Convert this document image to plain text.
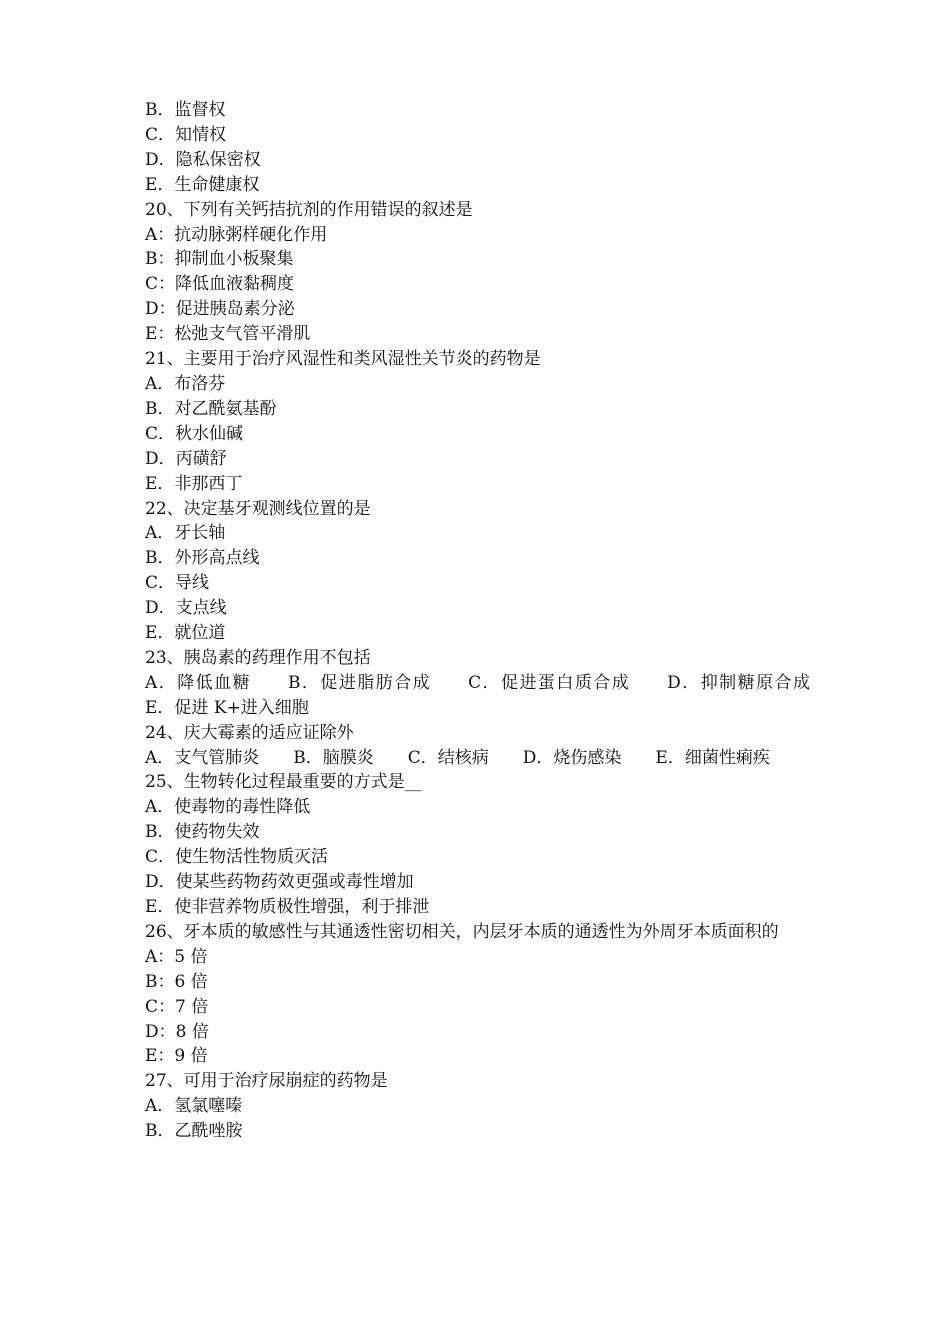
B．监督权

C．知情权

D．隐私保密权

E．生命健康权

20、下列有关钙拮抗剂的作用错误的叙述是

A：抗动脉粥样硬化作用

B：抑制血小板聚集

C：降低血液黏稠度

D：促进胰岛素分泌

E：松弛支气管平滑肌

21、主要用于治疗风湿性和类风湿性关节炎的药物是

A．布洛芬

B．对乙酰氨基酚

C．秋水仙碱

D．丙磺舒

E．非那西丁

22、决定基牙观测线位置的是

A．牙长轴

B．外形高点线

C．导线

D．支点线

E．就位道

23、胰岛素的药理作用不包括

A．降低血糖　　B．促进脂肪合成　　C．促进蛋白质合成　　D．抑制糖原合成　　E．促进 K+进入细胞

24、庆大霉素的适应证除外

A．支气管肺炎　　B．脑膜炎　　C．结核病　　D．烧伤感染　　E．细菌性痢疾

25、生物转化过程最重要的方式是__

A．使毒物的毒性降低

B．使药物失效

C．使生物活性物质灭活

D．使某些药物药效更强或毒性增加

E．使非营养物质极性增强，利于排泄

26、牙本质的敏感性与其通透性密切相关，内层牙本质的通透性为外周牙本质面积的

A：5 倍

B：6 倍

C：7 倍

D：8 倍

E：9 倍

27、可用于治疗尿崩症的药物是

A．氢氯噻嗪

B．乙酰唑胺
